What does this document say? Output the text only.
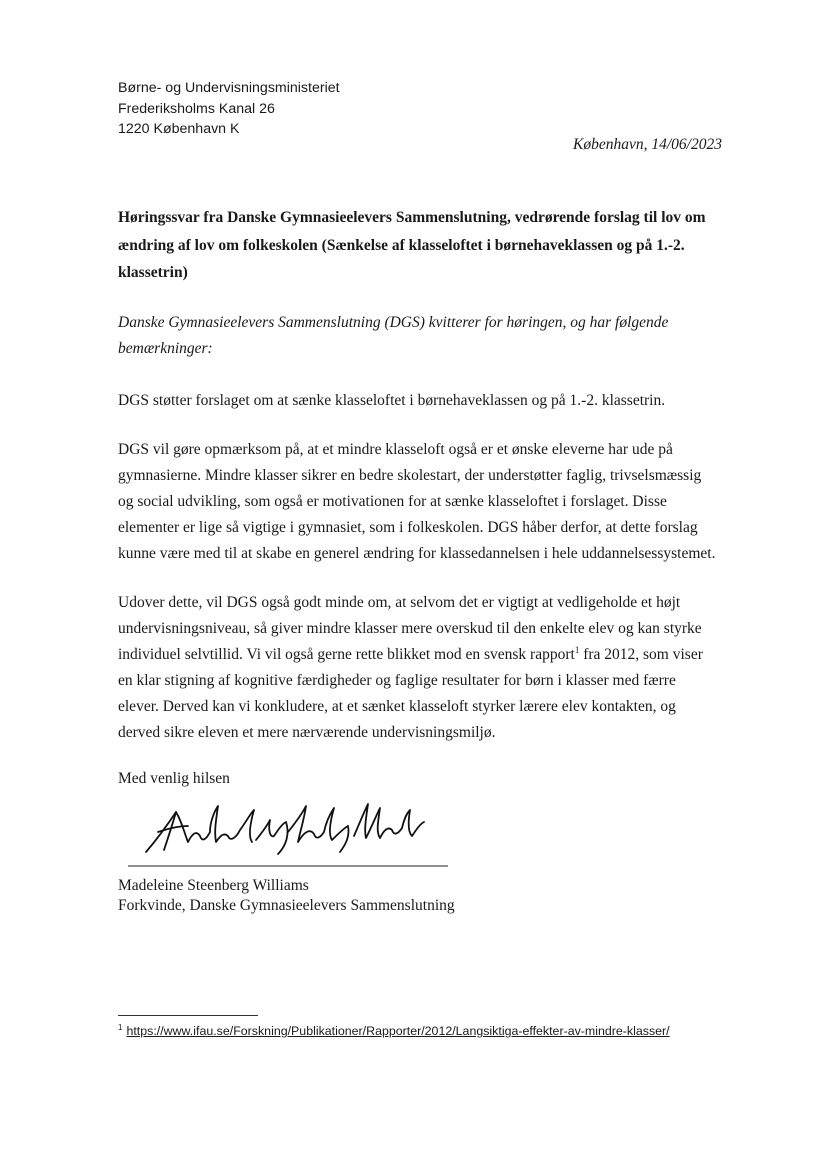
Børne- og Undervisningsministeriet
Frederiksholms Kanal 26
1220 København K
København, 14/06/2023

Høringssvar fra Danske Gymnasieelevers Sammenslutning, vedrørende forslag til lov om ændring af lov om folkeskolen (Sænkelse af klasseloftet i børnehaveklassen og på 1.-2. klassetrin)

Danske Gymnasieelevers Sammenslutning (DGS) kvitterer for høringen, og har følgende bemærkninger:

DGS støtter forslaget om at sænke klasseloftet i børnehaveklassen og på 1.-2. klassetrin.

DGS vil gøre opmærksom på, at et mindre klasseloft også er et ønske eleverne har ude på gymnasierne. Mindre klasser sikrer en bedre skolestart, der understøtter faglig, trivselsmæssig og social udvikling, som også er motivationen for at sænke klasseloftet i forslaget. Disse elementer er lige så vigtige i gymnasiet, som i folkeskolen. DGS håber derfor, at dette forslag kunne være med til at skabe en generel ændring for klassedannelsen i hele uddannelsessystemet.

Udover dette, vil DGS også godt minde om, at selvom det er vigtigt at vedligeholde et højt undervisningsniveau, så giver mindre klasser mere overskud til den enkelte elev og kan styrke individuel selvtillid. Vi vil også gerne rette blikket mod en svensk rapport$^1$ fra 2012, som viser en klar stigning af kognitive færdigheder og faglige resultater for børn i klasser med færre elever. Derved kan vi konkludere, at et sænket klasseloft styrker lærere elev kontakten, og derved sikre eleven et mere nærværende undervisningsmiljø.

Med venlig hilsen

Madeleine Steenberg Williams

Forkvinde, Danske Gymnasieelevers Sammenslutning

$^1$ https://www.ifau.se/Forskning/Publikationer/Rapporter/2012/Langsiktiga-effekter-av-mindre-klasser/
